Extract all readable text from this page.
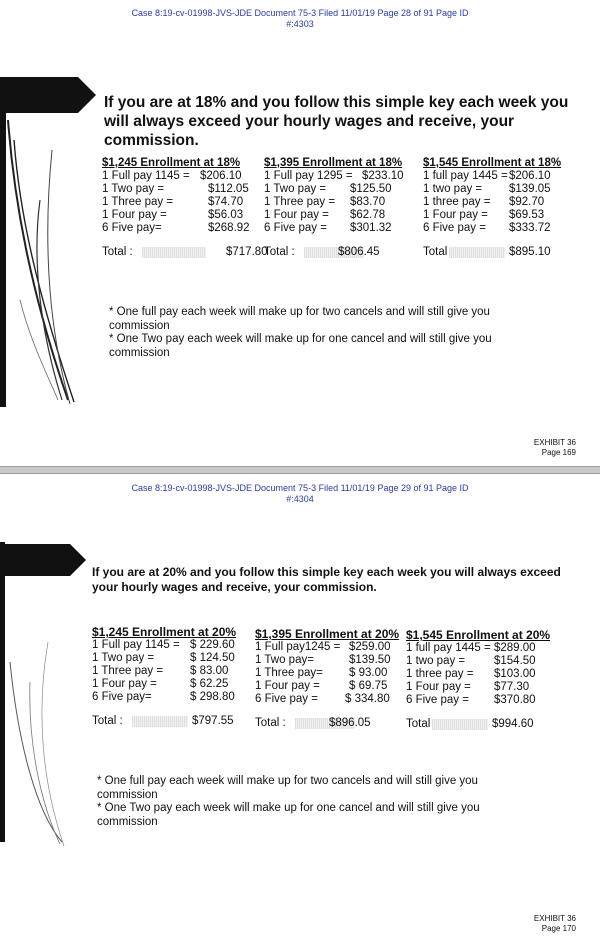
Case 8:19-cv-01998-JVS-JDE Document 75-3 Filed 11/01/19 Page 28 of 91 Page ID
#:4303
If you are at 18% and you follow this simple key each week you will always exceed your hourly wages and receive, your commission.
$1,245 Enrollment at 18%
1 Full pay 1145 = $206.10
1 Two pay =	$112.05
1 Three pay =	$74.70
1 Four pay =	$56.03
6 Five pay=	$268.92
Total :	$717.80
$1,395 Enrollment at 18%
1 Full pay 1295 = $233.10
1 Two pay = $125.50
1 Three pay = $83.70
1 Four pay = $62.78
6 Five pay = $301.32
Total :	$806.45
$1,545 Enrollment at 18%
1 full pay 1445 = $206.10
1 two pay = $139.05
1 three pay = $92.70
1 Four pay = $69.53
6 Five pay = $333.72
Total	$895.10

* One full pay each week will make up for two cancels and will still give you commission

* One Two pay each week will make up for one cancel and will still give you commission

EXHIBIT 36
Page 169
Case 8:19-cv-01998-JVS-JDE Document 75-3 Filed 11/01/19 Page 29 of 91 Page ID
#:4304
If you are at 20% and you follow this simple key each week you will always exceed your hourly wages and receive, your commission.
$1,245 Enrollment at 20%
1 Full pay 1145 = $ 229.60
1 Two pay =	$ 124.50
1 Three pay = $ 83.00
1 Four pay =	$ 62.25
6 Five pay=	$ 298.80
Total :	$797.55
$1,395 Enrollment at 20%
1 Full pay1245 = $259.00
1 Two pay=	$139.50
1 Three pay= $ 93.00
1 Four pay =	$ 69.75
6 Five pay = $ 334.80
Total :	$896.05
$1,545 Enrollment at 20%
1 full pay 1445 = $289.00
1 two pay =	$154.50
1 three pay = $103.00
1 Four pay = $77.30
6 Five pay = $370.80
Total	$994.60

* One full pay each week will make up for two cancels and will still give you commission

* One Two pay each week will make up for one cancel and will still give you commission

EXHIBIT 36
Page 170
